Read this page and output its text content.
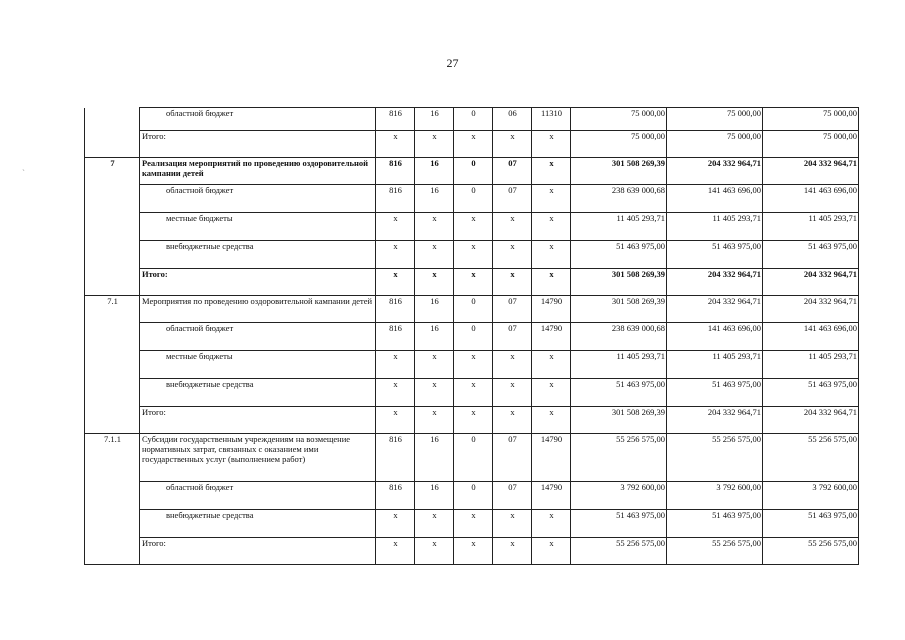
27
	областной бюджет	816	16	0	06	11310	75 000,00	75 000,00	75 000,00
	Итого:	х	х	х	х	х	75 000,00	75 000,00	75 000,00
7	Реализация мероприятий по проведению оздоровительной кампании детей	816	16	0	07	х	301 508 269,39	204 332 964,71	204 332 964,71
	областной бюджет	816	16	0	07	х	238 639 000,68	141 463 696,00	141 463 696,00
	местные бюджеты	х	х	х	х	х	11 405 293,71	11 405 293,71	11 405 293,71
	внебюджетные средства	х	х	х	х	х	51 463 975,00	51 463 975,00	51 463 975,00
	Итого:	х	х	х	х	х	301 508 269,39	204 332 964,71	204 332 964,71
7.1	Мероприятия по проведению оздоровительной кампании детей	816	16	0	07	14790	301 508 269,39	204 332 964,71	204 332 964,71
	областной бюджет	816	16	0	07	14790	238 639 000,68	141 463 696,00	141 463 696,00
	местные бюджеты	х	х	х	х	х	11 405 293,71	11 405 293,71	11 405 293,71
	внебюджетные средства	х	х	х	х	х	51 463 975,00	51 463 975,00	51 463 975,00
	Итого:	х	х	х	х	х	301 508 269,39	204 332 964,71	204 332 964,71
7.1.1	Субсидии государственным учреждениям на возмещение нормативных затрат, связанных с оказанием ими государственных услуг (выполнением работ)	816	16	0	07	14790	55 256 575,00	55 256 575,00	55 256 575,00
	областной бюджет	816	16	0	07	14790	3 792 600,00	3 792 600,00	3 792 600,00
	внебюджетные средства	х	х	х	х	х	51 463 975,00	51 463 975,00	51 463 975,00
	Итого:	х	х	х	х	х	55 256 575,00	55 256 575,00	55 256 575,00
`
